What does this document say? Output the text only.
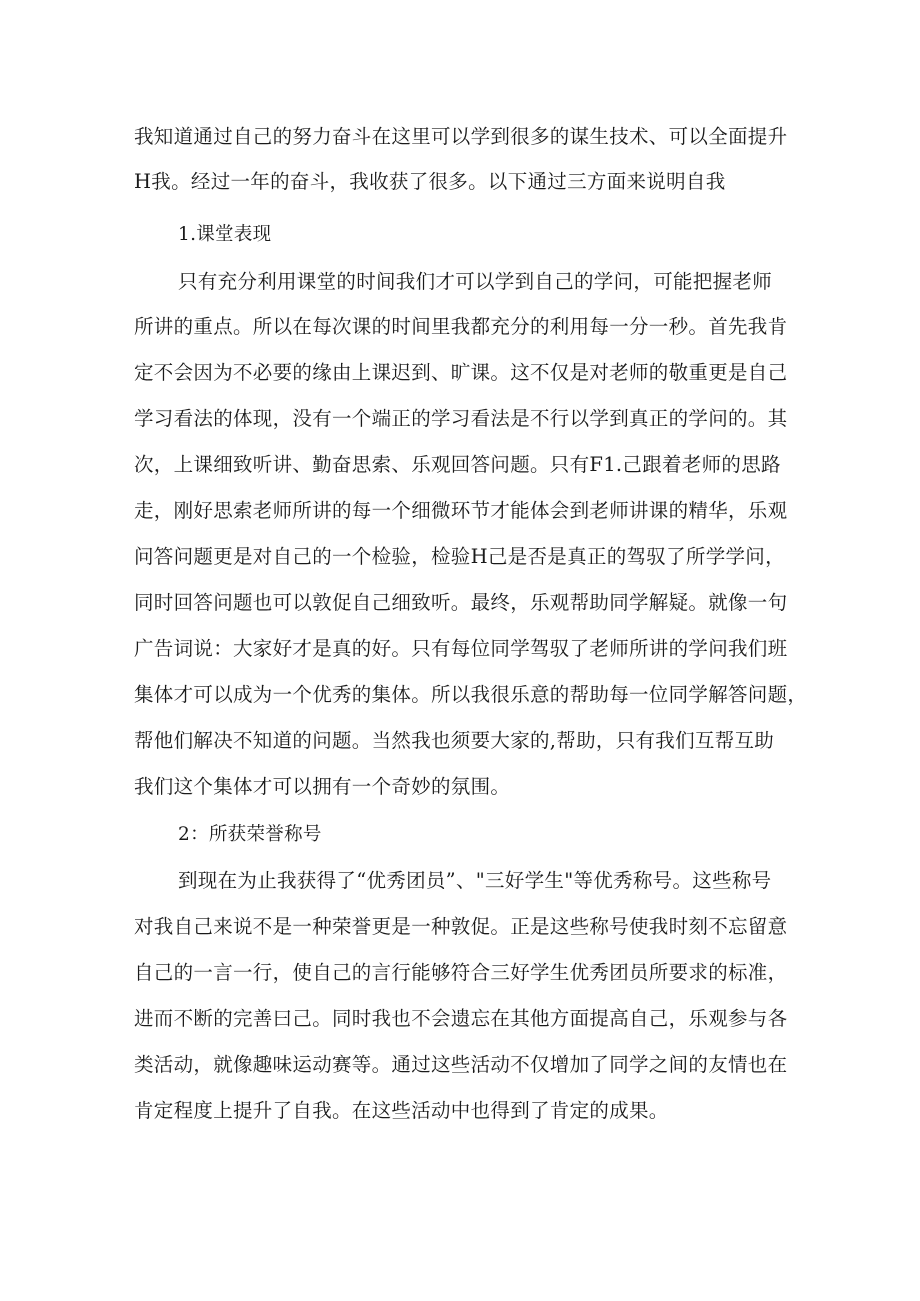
我知道通过自己的努力奋斗在这里可以学到很多的谋生技术、可以全面提升
H我。经过一年的奋斗，我收获了很多。以下通过三方面来说明自我
1.课堂表现
只有充分利用课堂的时间我们才可以学到自己的学问，可能把握老师
所讲的重点。所以在每次课的时间里我都充分的利用每一分一秒。首先我肯
定不会因为不必要的缘由上课迟到、旷课。这不仅是对老师的敬重更是自己
学习看法的体现，没有一个端正的学习看法是不行以学到真正的学问的。其
次，上课细致听讲、勤奋思索、乐观回答问题。只有F1.己跟着老师的思路
走，刚好思索老师所讲的每一个细微环节才能体会到老师讲课的精华，乐观
问答问题更是对自己的一个检验，检验H己是否是真正的驾驭了所学学问，
同时回答问题也可以敦促自己细致听。最终，乐观帮助同学解疑。就像一句
广告词说：大家好才是真的好。只有每位同学驾驭了老师所讲的学问我们班
集体才可以成为一个优秀的集体。所以我很乐意的帮助每一位同学解答问题，
帮他们解决不知道的问题。当然我也须要大家的,帮助，只有我们互帮互助
我们这个集体才可以拥有一个奇妙的氛围。
2：所获荣誉称号
到现在为止我获得了“优秀团员”、"三好学生"等优秀称号。这些称号
对我自己来说不是一种荣誉更是一种敦促。正是这些称号使我时刻不忘留意
自己的一言一行，使自己的言行能够符合三好学生优秀团员所要求的标准，
进而不断的完善曰己。同时我也不会遗忘在其他方面提高自己，乐观参与各
类活动，就像趣味运动赛等。通过这些活动不仅增加了同学之间的友情也在
肯定程度上提升了自我。在这些活动中也得到了肯定的成果。
